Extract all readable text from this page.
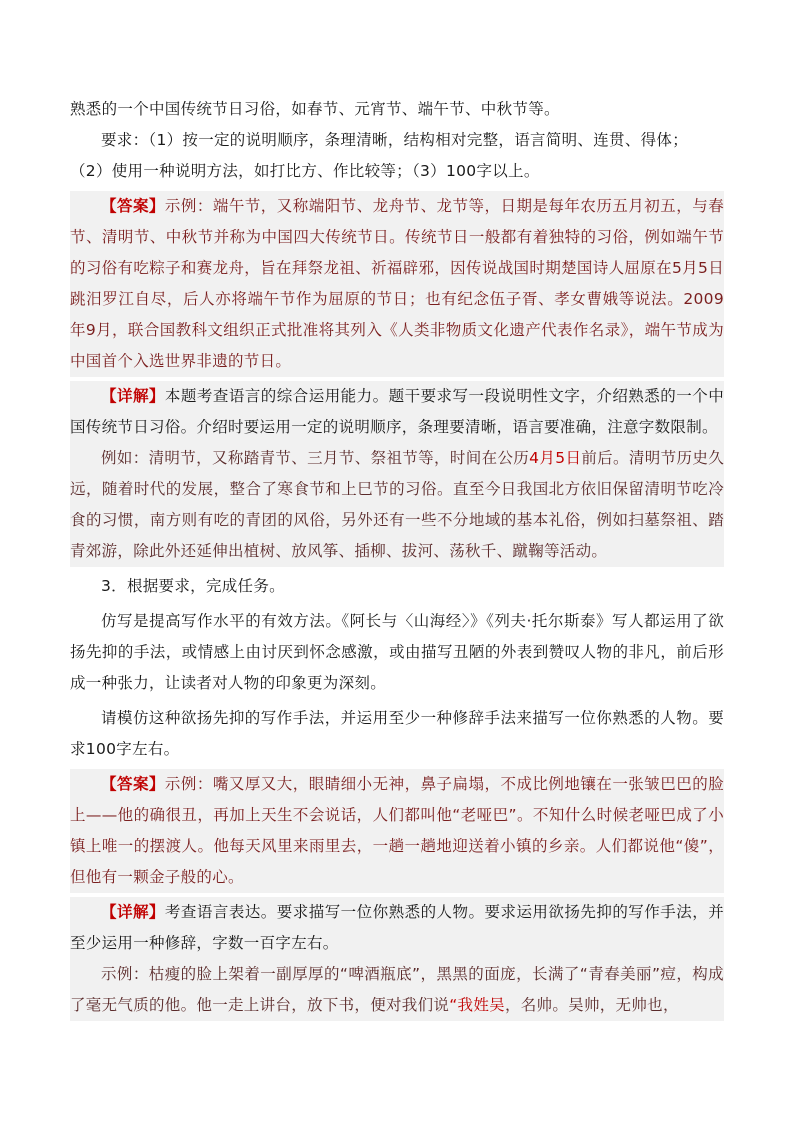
熟悉的一个中国传统节日习俗，如春节、元宵节、端午节、中秋节等。

要求：（1）按一定的说明顺序，条理清晰，结构相对完整，语言简明、连贯、得体；

（2）使用一种说明方法，如打比方、作比较等；（3）100字以上。

【答案】示例：端午节，又称端阳节、龙舟节、龙节等，日期是每年农历五月初五，与春节、清明节、中秋节并称为中国四大传统节日。传统节日一般都有着独特的习俗，例如端午节的习俗有吃粽子和赛龙舟，旨在拜祭龙祖、祈福辟邪，因传说战国时期楚国诗人屈原在5月5日跳汨罗江自尽，后人亦将端午节作为屈原的节日；也有纪念伍子胥、孝女曹娥等说法。2009年9月，联合国教科文组织正式批准将其列入《人类非物质文化遗产代表作名录》，端午节成为中国首个入选世界非遗的节日。

【详解】本题考查语言的综合运用能力。题干要求写一段说明性文字，介绍熟悉的一个中国传统节日习俗。介绍时要运用一定的说明顺序，条理要清晰，语言要准确，注意字数限制。

例如：清明节，又称踏青节、三月节、祭祖节等，时间在公历4月5日前后。清明节历史久远，随着时代的发展，整合了寒食节和上巳节的习俗。直至今日我国北方依旧保留清明节吃冷食的习惯，南方则有吃的青团的风俗，另外还有一些不分地域的基本礼俗，例如扫墓祭祖、踏青郊游，除此外还延伸出植树、放风筝、插柳、拔河、荡秋千、蹴鞠等活动。

3．根据要求，完成任务。

仿写是提高写作水平的有效方法。《阿长与〈山海经〉》《列夫·托尔斯泰》写人都运用了欲扬先抑的手法，或情感上由讨厌到怀念感激，或由描写丑陋的外表到赞叹人物的非凡，前后形成一种张力，让读者对人物的印象更为深刻。

请模仿这种欲扬先抑的写作手法，并运用至少一种修辞手法来描写一位你熟悉的人物。要求100字左右。

【答案】示例：嘴又厚又大，眼睛细小无神，鼻子扁塌，不成比例地镶在一张皱巴巴的脸上——他的确很丑，再加上天生不会说话，人们都叫他“老哑巴”。不知什么时候老哑巴成了小镇上唯一的摆渡人。他每天风里来雨里去，一趟一趟地迎送着小镇的乡亲。人们都说他“傻”，但他有一颗金子般的心。

【详解】考查语言表达。要求描写一位你熟悉的人物。要求运用欲扬先抑的写作手法，并至少运用一种修辞，字数一百字左右。

示例：枯瘦的脸上架着一副厚厚的“啤酒瓶底”，黑黑的面庞，长满了“青春美丽”痘，构成了毫无气质的他。他一走上讲台，放下书，便对我们说“我姓吴，名帅。吴帅，无帅也，
